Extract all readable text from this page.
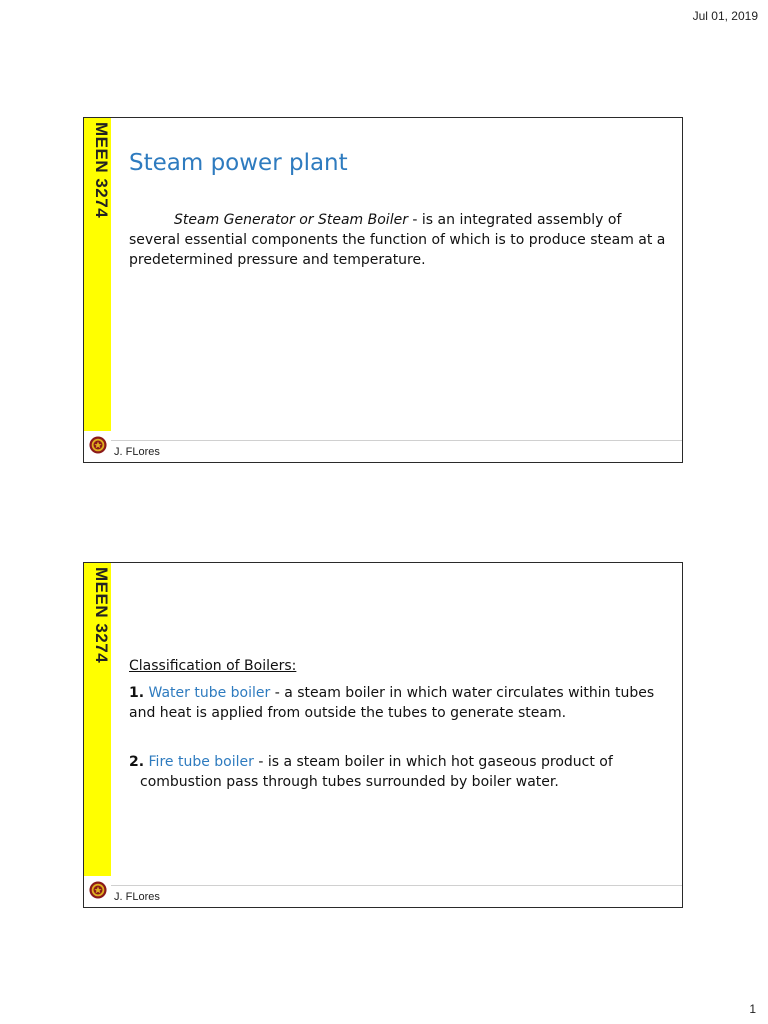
Jul 01, 2019
MEEN 3274 Steam power plant
Steam Generator or Steam Boiler - is an integrated assembly of several essential components the function of which is to produce steam at a predetermined pressure and temperature.
J. FLores
MEEN 3274
Classification of Boilers:
1. Water tube boiler - a steam boiler in which water circulates within tubes and heat is applied from outside the tubes to generate steam.
2. Fire tube boiler - is a steam boiler in which hot gaseous product of
combustion pass through tubes surrounded by boiler water.
J. FLores
1
